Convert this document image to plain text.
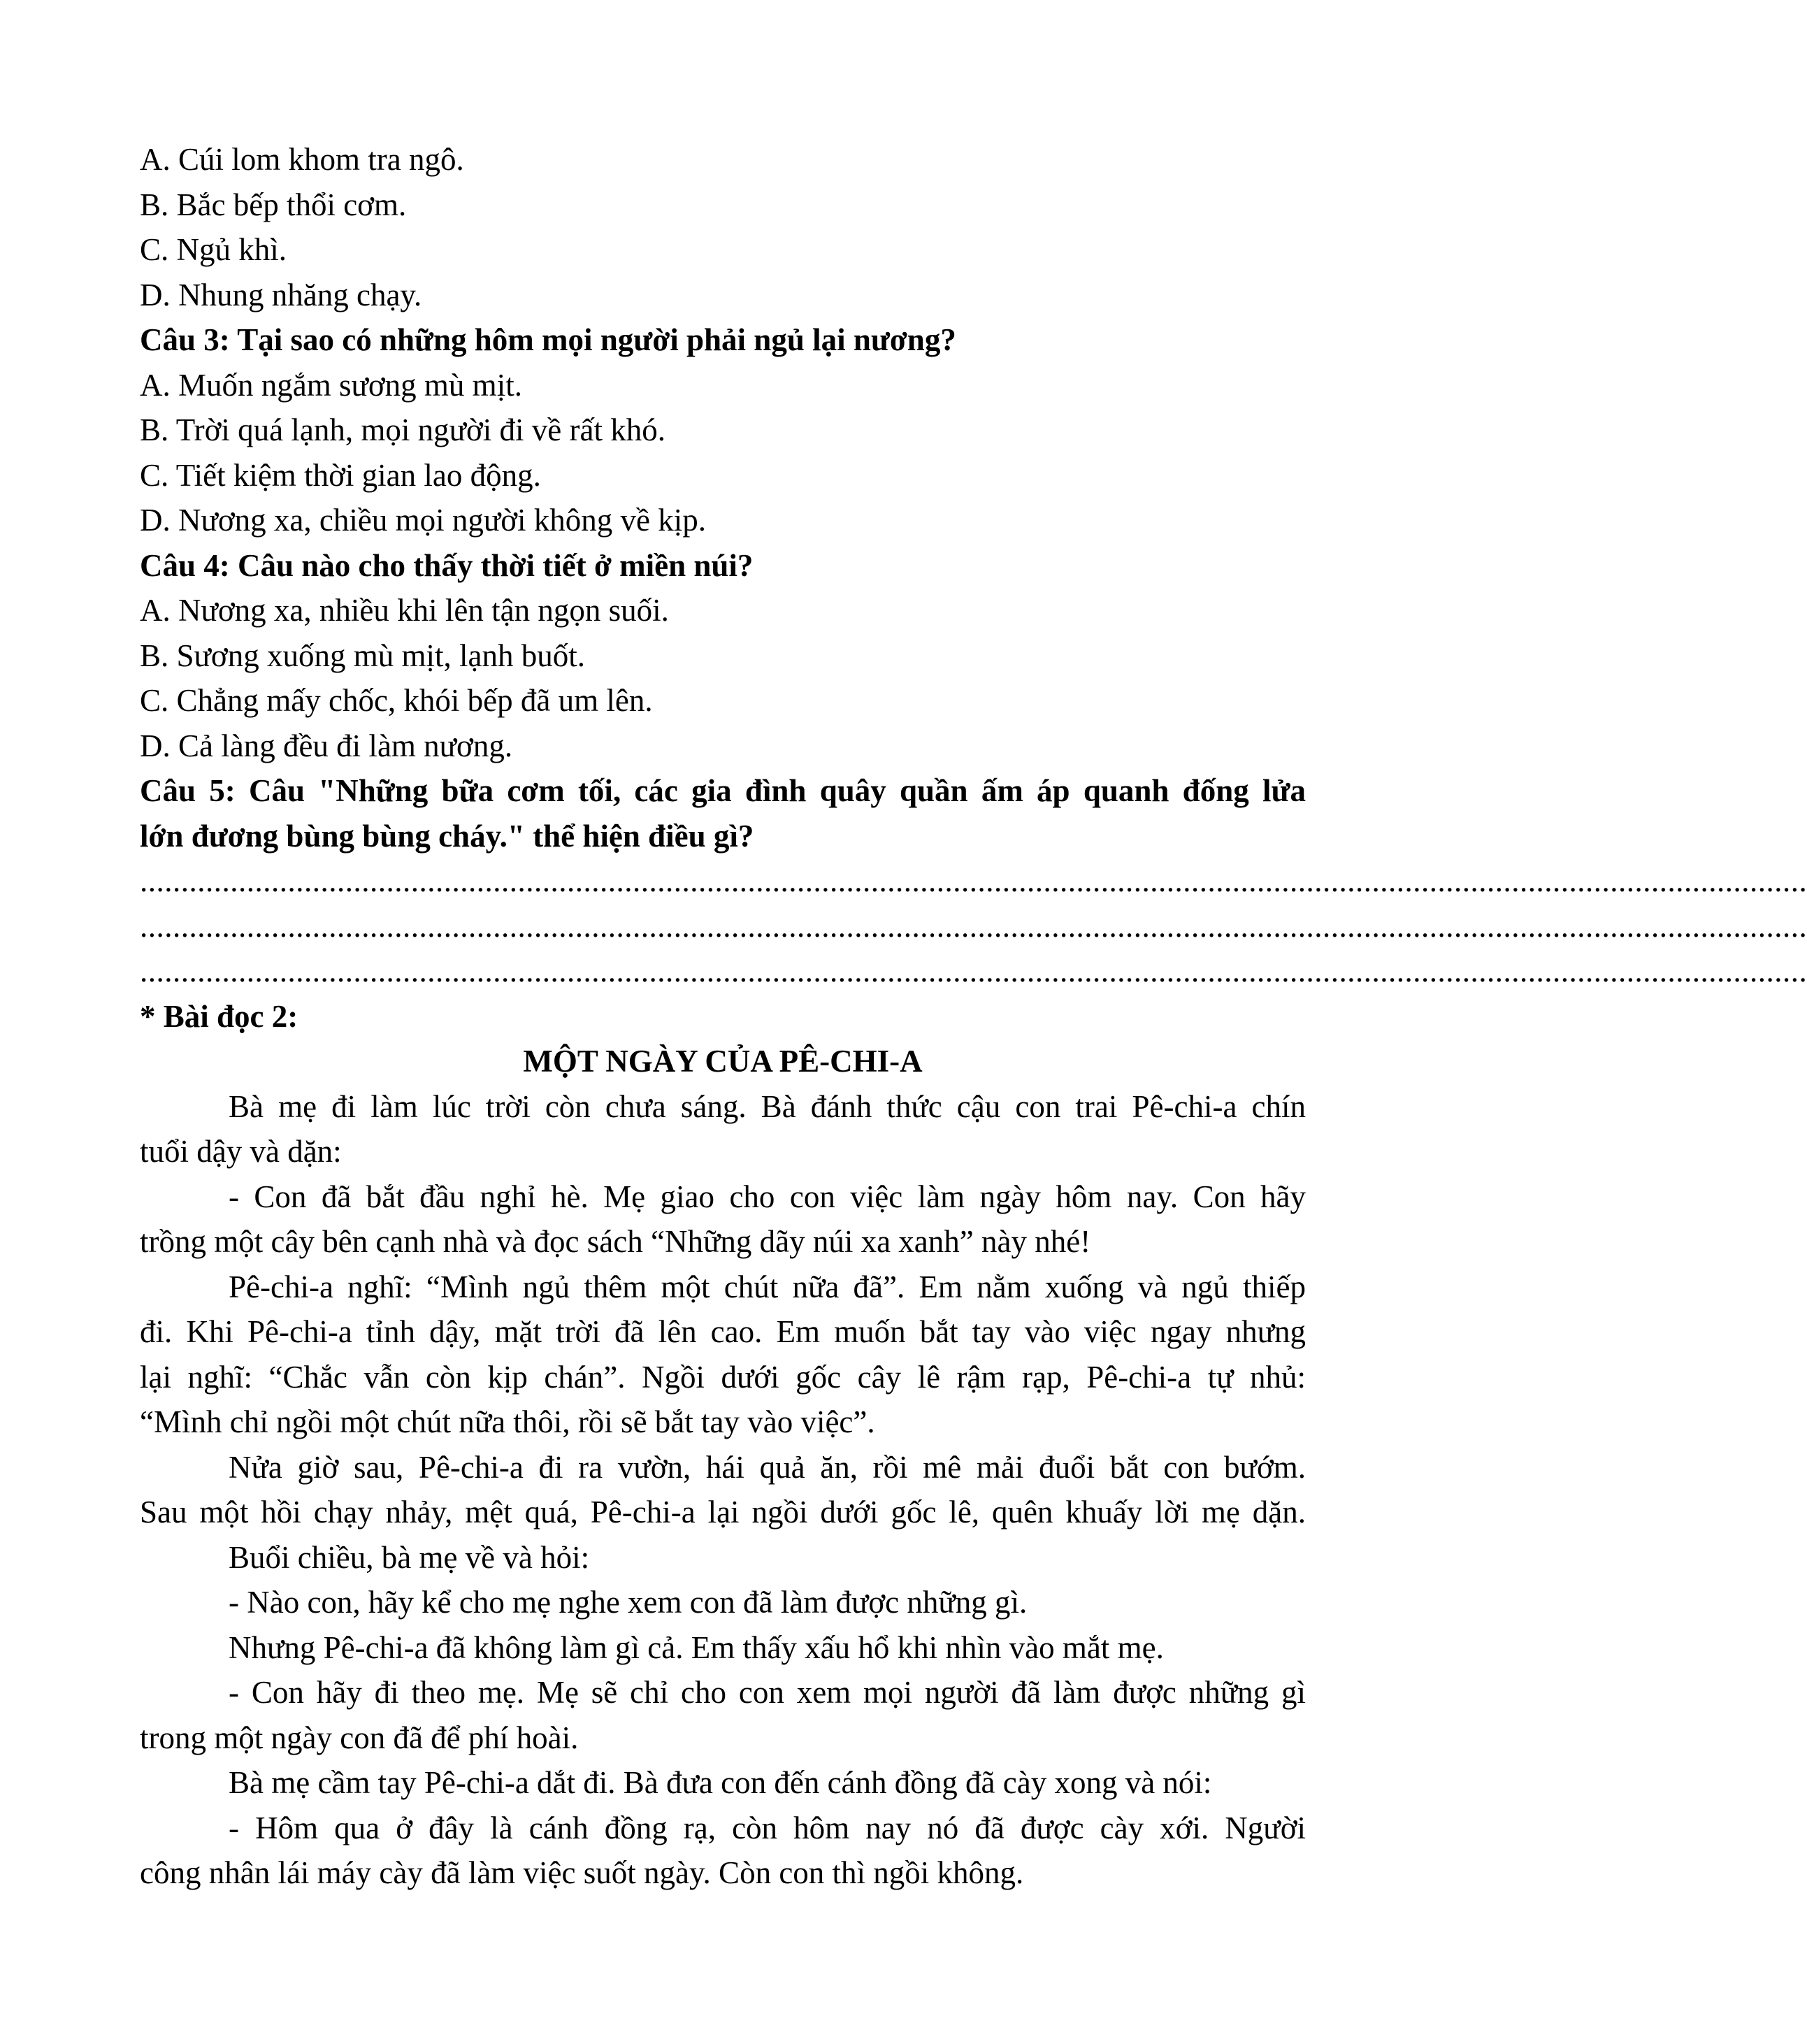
A. Cúi lom khom tra ngô.
B. Bắc bếp thổi cơm.
C. Ngủ khì.
D. Nhung nhăng chạy.
Câu 3: Tại sao có những hôm mọi người phải ngủ lại nương?
A. Muốn ngắm sương mù mịt.
B. Trời quá lạnh, mọi người đi về rất khó.
C. Tiết kiệm thời gian lao động.
D. Nương xa, chiều mọi người không về kịp.
Câu 4: Câu nào cho thấy thời tiết ở miền núi?
A. Nương xa, nhiều khi lên tận ngọn suối.
B. Sương xuống mù mịt, lạnh buốt.
C. Chẳng mấy chốc, khói bếp đã um lên.
D. Cả làng đều đi làm nương.
Câu 5: Câu "Những bữa cơm tối, các gia đình quây quần ấm áp quanh đống lửa
lớn đương bùng bùng cháy." thể hiện điều gì?
...........................................................................................................................................................................................................
...........................................................................................................................................................................................................
...........................................................................................................................................................................................................
* Bài đọc 2:
MỘT NGÀY CỦA PÊ-CHI-A
Bà mẹ đi làm lúc trời còn chưa sáng. Bà đánh thức cậu con trai Pê-chi-a chín
tuổi dậy và dặn:
- Con đã bắt đầu nghỉ hè. Mẹ giao cho con việc làm ngày hôm nay. Con hãy
trồng một cây bên cạnh nhà và đọc sách “Những dãy núi xa xanh” này nhé!
Pê-chi-a nghĩ: “Mình ngủ thêm một chút nữa đã”. Em nằm xuống và ngủ thiếp
đi. Khi Pê-chi-a tỉnh dậy, mặt trời đã lên cao. Em muốn bắt tay vào việc ngay nhưng
lại nghĩ: “Chắc vẫn còn kịp chán”. Ngồi dưới gốc cây lê rậm rạp, Pê-chi-a tự nhủ:
“Mình chỉ ngồi một chút nữa thôi, rồi sẽ bắt tay vào việc”.
Nửa giờ sau, Pê-chi-a đi ra vườn, hái quả ăn, rồi mê mải đuổi bắt con bướm.
Sau một hồi chạy nhảy, mệt quá, Pê-chi-a lại ngồi dưới gốc lê, quên khuấy lời mẹ dặn.
Buổi chiều, bà mẹ về và hỏi:
- Nào con, hãy kể cho mẹ nghe xem con đã làm được những gì.
Nhưng Pê-chi-a đã không làm gì cả. Em thấy xấu hổ khi nhìn vào mắt mẹ.
- Con hãy đi theo mẹ. Mẹ sẽ chỉ cho con xem mọi người đã làm được những gì
trong một ngày con đã để phí hoài.
Bà mẹ cầm tay Pê-chi-a dắt đi. Bà đưa con đến cánh đồng đã cày xong và nói:
- Hôm qua ở đây là cánh đồng rạ, còn hôm nay nó đã được cày xới. Người
công nhân lái máy cày đã làm việc suốt ngày. Còn con thì ngồi không.
